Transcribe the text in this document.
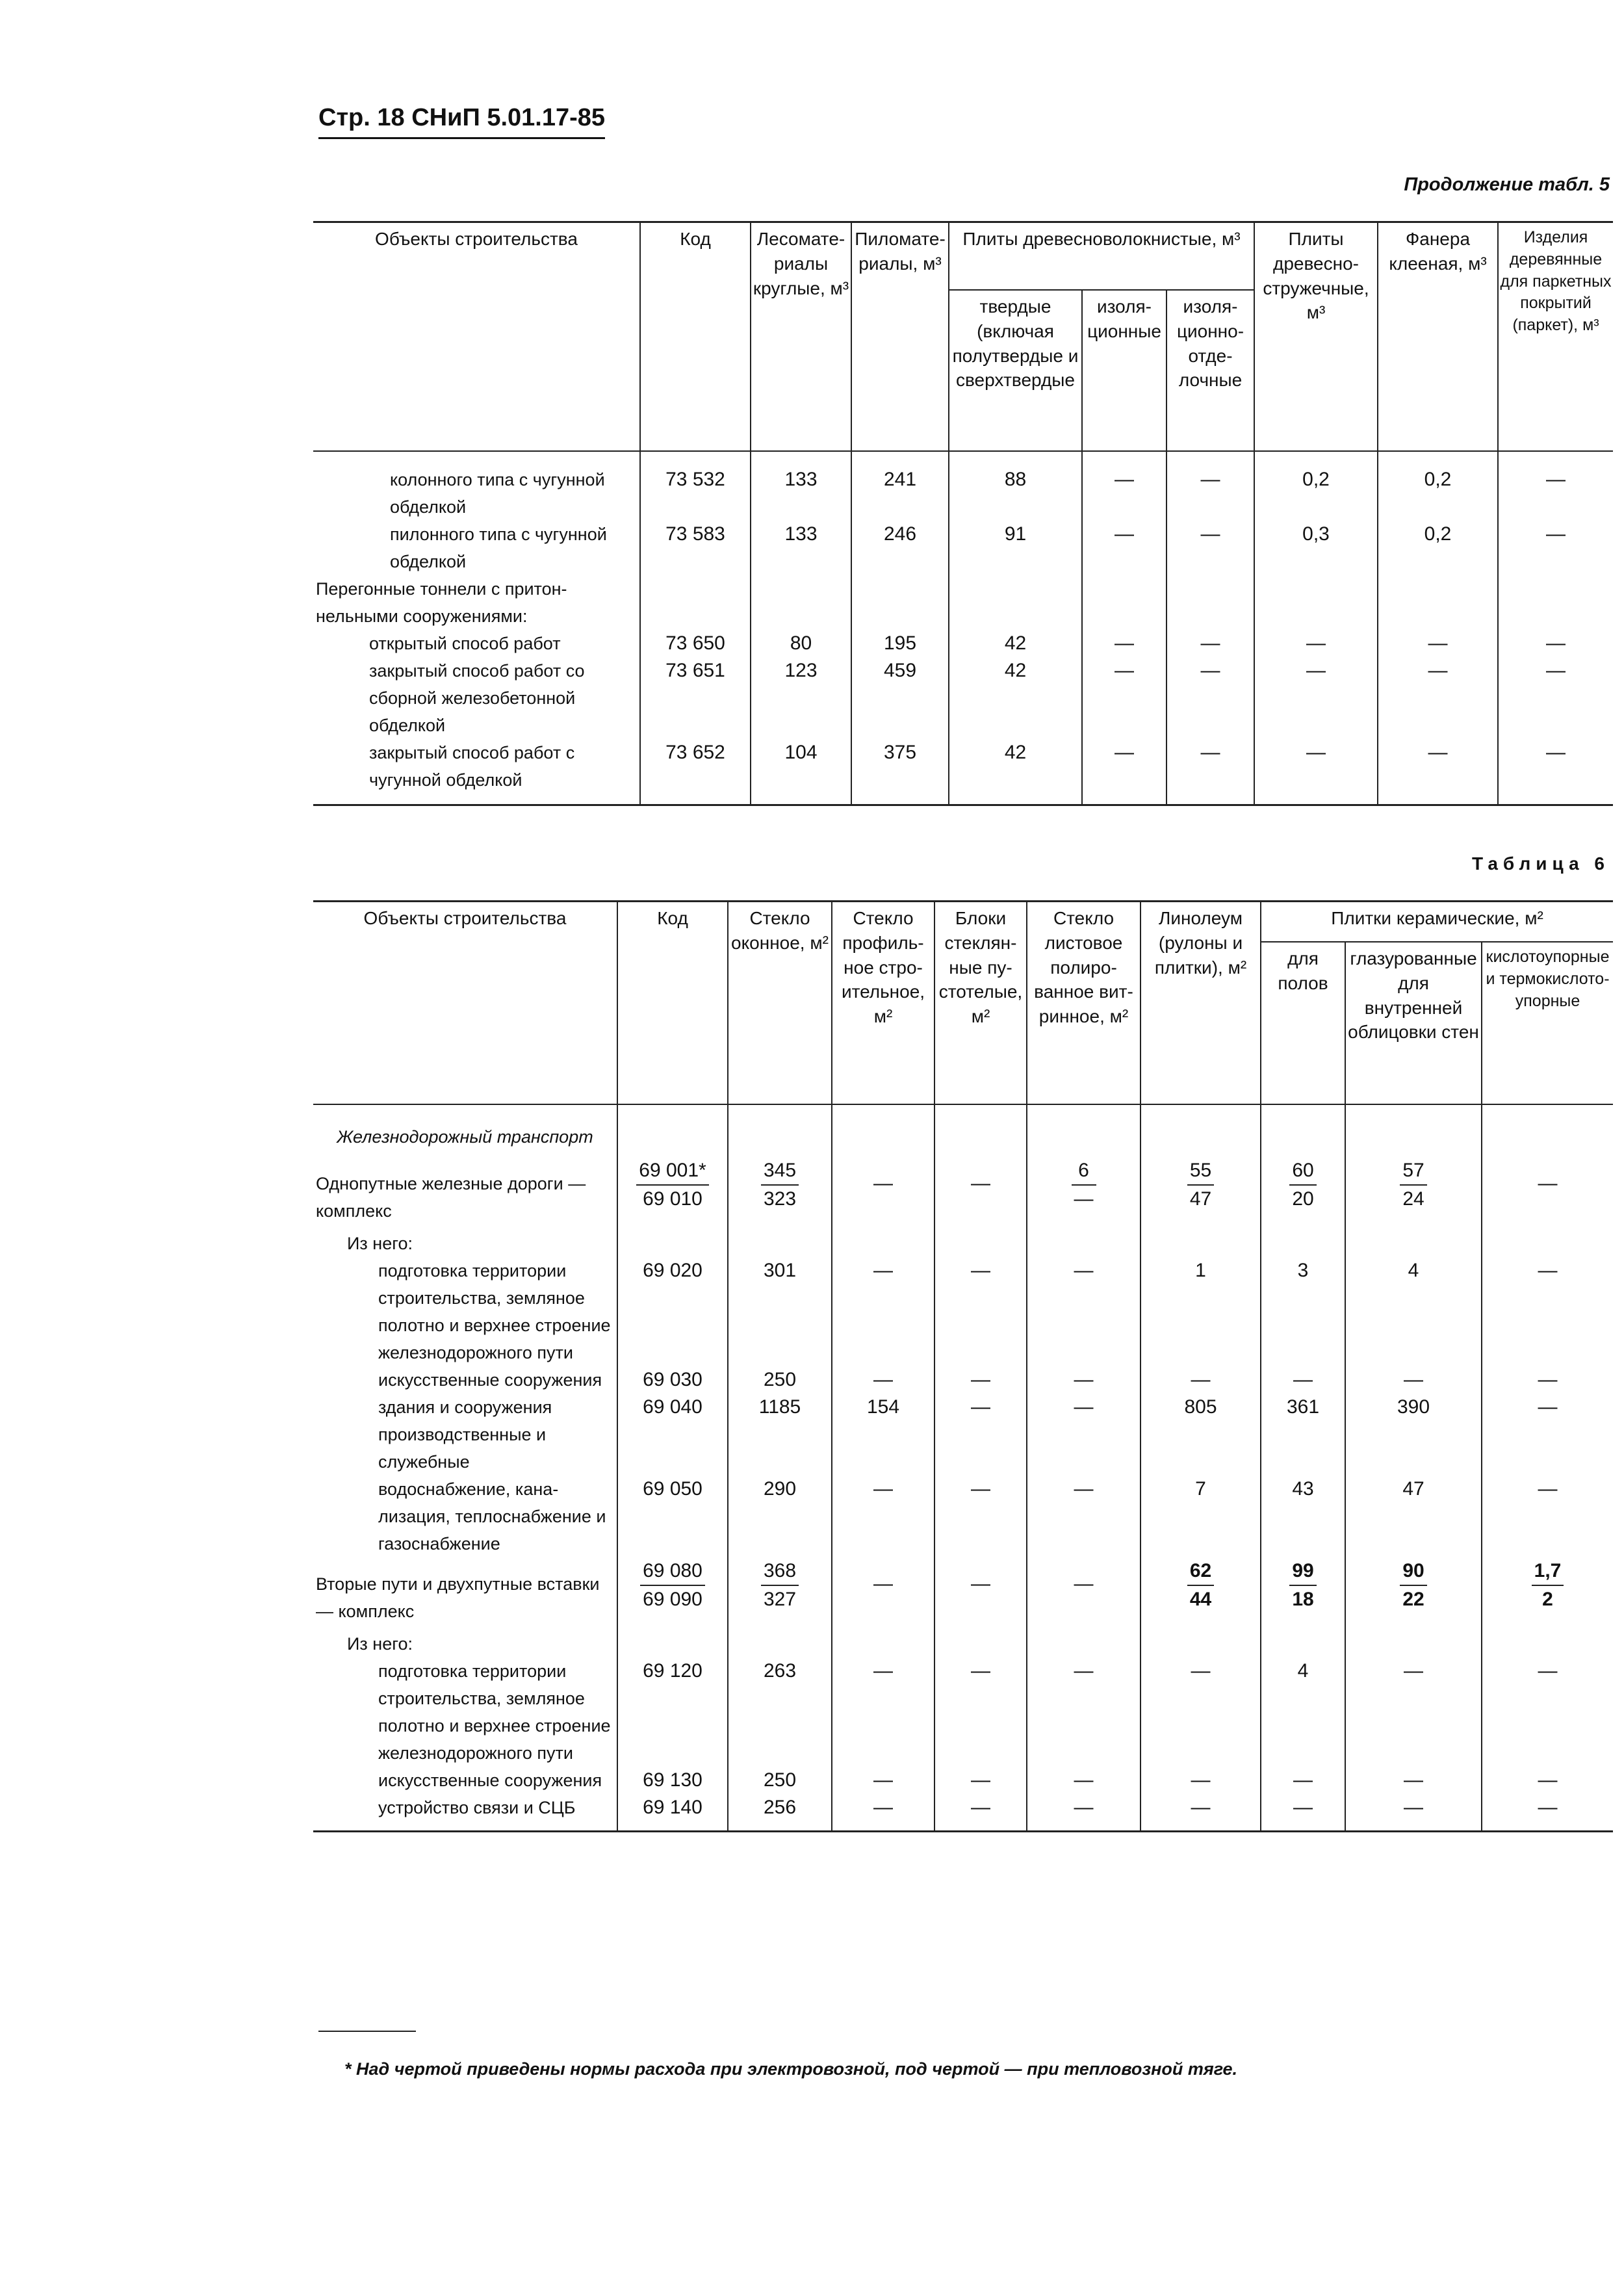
Стр. 18 СНиП 5.01.17-85
Продолжение табл. 5
Объекты строительства	Код	Лесоматериалы круглые, м³	Пиломатериалы, м³	Плиты древесноволокнистые, м³			Плиты древесностружечные, м³	Фанера клееная, м³	Изделия деревянные для паркетных покрытий (паркет), м³
				твердые (включая полутвердые и сверхтвердые	изоляционные	изоляционно-отделочные			
колонного типа с чугунной обделкой	73 532	133	241	88	—	—	0,2	0,2	—
пилонного типа с чугунной обделкой	73 583	133	246	91	—	—	0,3	0,2	—
Перегонные тоннели с притоннельными сооружениями:									
открытый способ работ	73 650	80	195	42	—	—	—	—	—
закрытый способ работ со сборной железобетонной обделкой	73 651	123	459	42	—	—	—	—	—
закрытый способ работ с чугунной обделкой	73 652	104	375	42	—	—	—	—	—
Таблица 6
Объекты строительства	Код	Стекло оконное, м²	Стекло профильное строительное, м²	Блоки стеклянные пустотелые, м²	Стекло листовое полированное витринное, м²	Линолеум (рулоны и плитки), м²	Плитки керамические, м²		
							для полов	глазурованные для внутренней облицовки стен	кислотоупорные и термокислотоупорные
Железнодорожный транспорт									
Однопутные железные дороги — комплекс	$\frac{69 001*}{69 010}$	$\frac{345}{323}$	—	—	$\frac{6}{—}$	$\frac{55}{47}$	$\frac{60}{20}$	$\frac{57}{24}$	—
Из него:									
подготовка территории строительства, земляное полотно и верхнее строение железнодорожного пути	69 020	301	—	—	—	1	3	4	—
искусственные сооружения	69 030	250	—	—	—	—	—	—	—
здания и сооружения производственные и служебные	69 040	1185	154	—	—	805	361	390	—
водоснабжение, канализация, теплоснабжение и газоснабжение	69 050	290	—	—	—	7	43	47	—
Вторые пути и двухпутные вставки — комплекс	$\frac{69 080}{69 090}$	$\frac{368}{327}$	—	—	—	$\frac{62}{44}$	$\frac{99}{18}$	$\frac{90}{22}$	$\frac{1,7}{2}$

Из него:									
подготовка территории строительства, земляное полотно и верхнее строение железнодорожного пути	69 120	263	—	—	—	—	4	—	—
искусственные сооружения	69 130	250	—	—	—	—	—	—	—
устройство связи и СЦБ	69 140	256	—	—	—	—	—	—	—
* Над чертой приведены нормы расхода при электровозной, под чертой — при тепловозной тяге.
